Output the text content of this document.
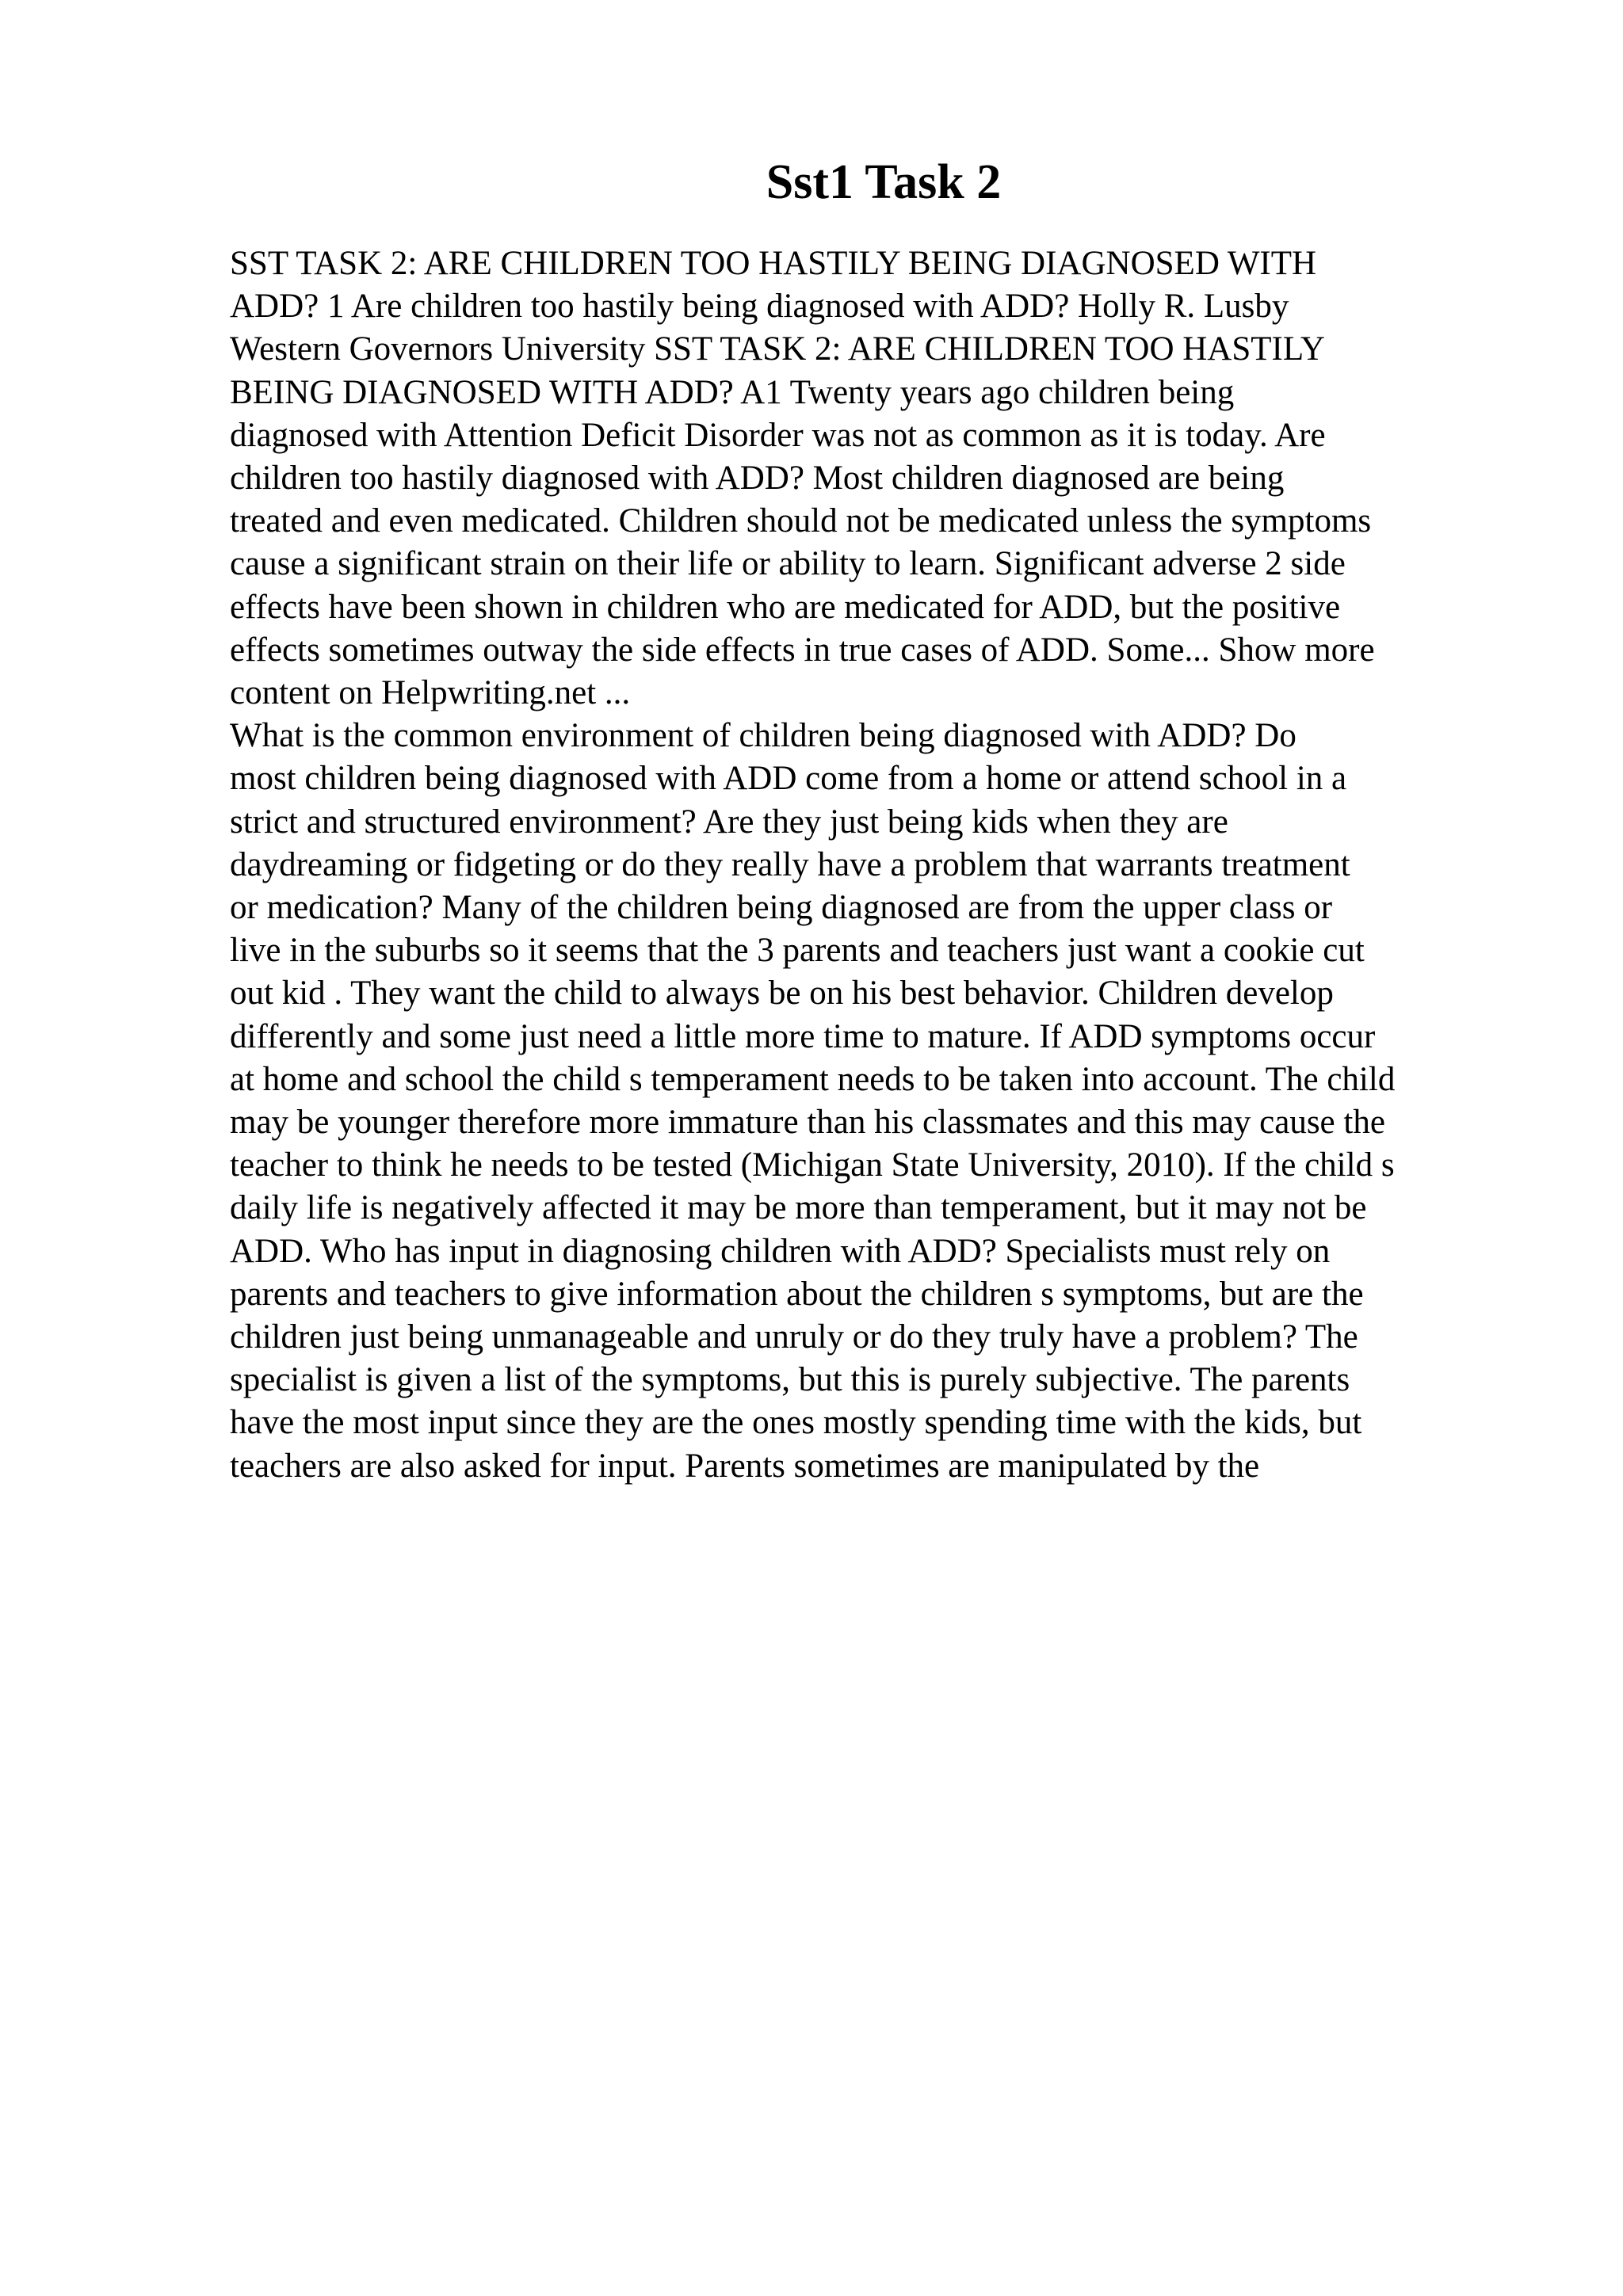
Sst1 Task 2

SST TASK 2: ARE CHILDREN TOO HASTILY BEING DIAGNOSED WITH
ADD? 1 Are children too hastily being diagnosed with ADD? Holly R. Lusby
Western Governors University SST TASK 2: ARE CHILDREN TOO HASTILY
BEING DIAGNOSED WITH ADD? A1 Twenty years ago children being
diagnosed with Attention Deficit Disorder was not as common as it is today. Are
children too hastily diagnosed with ADD? Most children diagnosed are being
treated and even medicated. Children should not be medicated unless the symptoms
cause a significant strain on their life or ability to learn. Significant adverse 2 side
effects have been shown in children who are medicated for ADD, but the positive
effects sometimes outway the side effects in true cases of ADD. Some... Show more
content on Helpwriting.net ...

What is the common environment of children being diagnosed with ADD? Do
most children being diagnosed with ADD come from a home or attend school in a
strict and structured environment? Are they just being kids when they are
daydreaming or fidgeting or do they really have a problem that warrants treatment
or medication? Many of the children being diagnosed are from the upper class or
live in the suburbs so it seems that the 3 parents and teachers just want a cookie cut
out kid . They want the child to always be on his best behavior. Children develop
differently and some just need a little more time to mature. If ADD symptoms occur
at home and school the child s temperament needs to be taken into account. The child
may be younger therefore more immature than his classmates and this may cause the
teacher to think he needs to be tested (Michigan State University, 2010). If the child s
daily life is negatively affected it may be more than temperament, but it may not be
ADD. Who has input in diagnosing children with ADD? Specialists must rely on
parents and teachers to give information about the children s symptoms, but are the
children just being unmanageable and unruly or do they truly have a problem? The
specialist is given a list of the symptoms, but this is purely subjective. The parents
have the most input since they are the ones mostly spending time with the kids, but
teachers are also asked for input. Parents sometimes are manipulated by the
